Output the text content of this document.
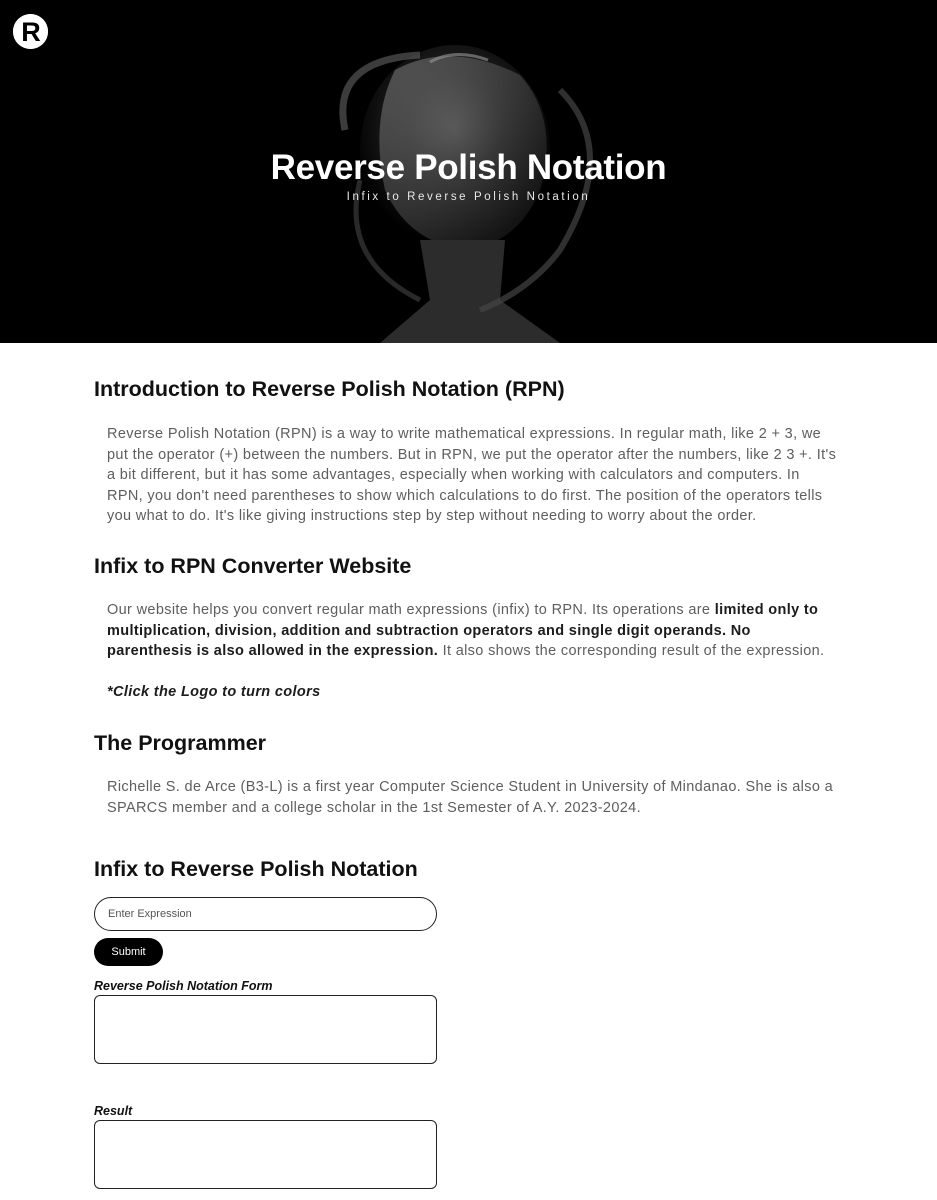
R
Reverse Polish Notation
Infix to Reverse Polish Notation
Introduction to Reverse Polish Notation (RPN)

Reverse Polish Notation (RPN) is a way to write mathematical expressions. In regular math, like 2 + 3, we put the operator (+) between the numbers. But in RPN, we put the operator after the numbers, like 2 3 +. It's a bit different, but it has some advantages, especially when working with calculators and computers. In RPN, you don't need parentheses to show which calculations to do first. The position of the operators tells you what to do. It's like giving instructions step by step without needing to worry about the order.

Infix to RPN Converter Website

Our website helps you convert regular math expressions (infix) to RPN. Its operations are limited only to multiplication, division, addition and subtraction operators and single digit operands. No parenthesis is also allowed in the expression. It also shows the corresponding result of the expression.

*Click the Logo to turn colors
The Programmer

Richelle S. de Arce (B3-L) is a first year Computer Science Student in University of Mindanao. She is also a SPARCS member and a college scholar in the 1st Semester of A.Y. 2023-2024.

Infix to Reverse Polish Notation
Enter Expression
Submit
Reverse Polish Notation Form
Result
